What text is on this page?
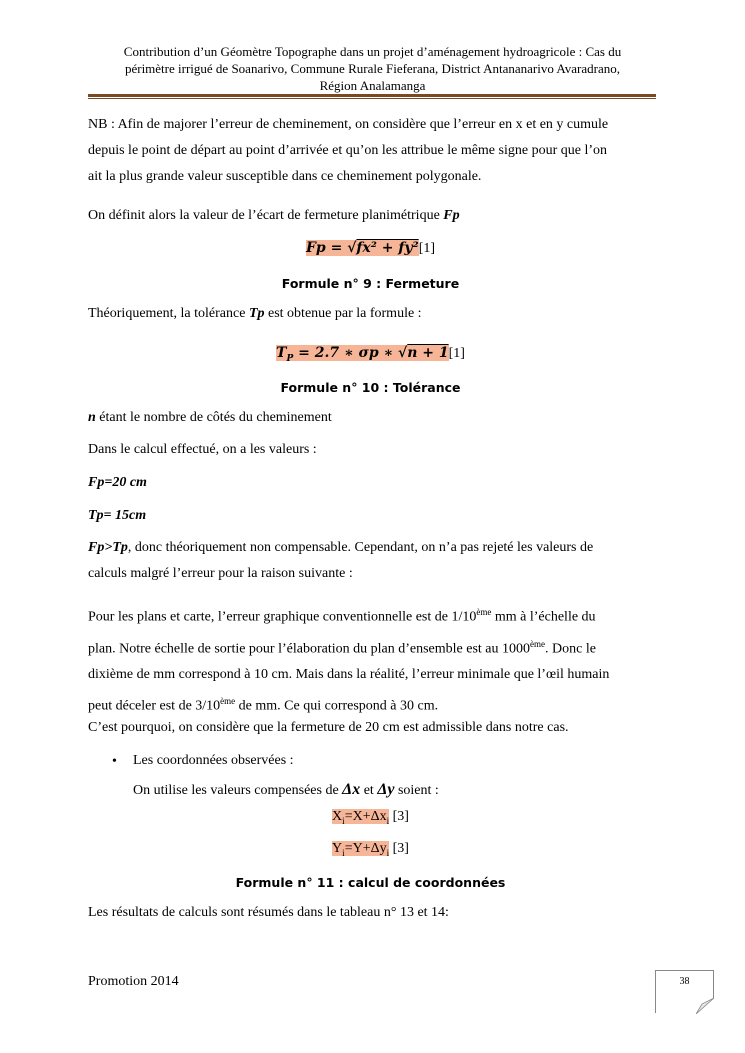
Contribution d’un Géomètre Topographe dans un projet d’aménagement hydroagricole : Cas du
périmètre irrigué de Soanarivo, Commune Rurale Fieferana, District Antananarivo Avaradrano,
Région Analamanga

NB : Afin de majorer l’erreur de cheminement, on considère que l’erreur en x et en y cumule
depuis le point de départ au point d’arrivée et qu’on les attribue le même signe pour que l’on
ait la plus grande valeur susceptible dans ce cheminement polygonale.

On définit alors la valeur de l’écart de fermeture planimétrique Fp

Fp = √fx² + fy²[1]
Formule n° 9 : Fermeture

Théoriquement, la tolérance Tp est obtenue par la formule :

$T_P = 2.7$ ∗ σp ∗ √n + 1[1]
Formule n° 10 : Tolérance

n étant le nombre de côtés du cheminement

Dans le calcul effectué, on a les valeurs :

Fp=20 cm

Tp= 15cm

Fp>Tp, donc théoriquement non compensable. Cependant, on n’a pas rejeté les valeurs de
calculs malgré l’erreur pour la raison suivante :

Pour les plans et carte, l’erreur graphique conventionnelle est de 1/10ème mm à l’échelle du
plan. Notre échelle de sortie pour l’élaboration du plan d’ensemble est au 1000ème. Donc le
dixième de mm correspond à 10 cm. Mais dans la réalité, l’erreur minimale que l’œil humain
peut déceler est de 3/10ème de mm. Ce qui correspond à 30 cm.

C’est pourquoi, on considère que la fermeture de 20 cm est admissible dans notre cas.

• Les coordonnées observées :

On utilise les valeurs compensées de Δx et Δy soient :

$X_i=X+\Delta x_i$ [3]
$Y_i=Y+\Delta y_i$ [3]
Formule n° 11 : calcul de coordonnées

Les résultats de calculs sont résumés dans le tableau n° 13 et 14:

Promotion 2014	38
